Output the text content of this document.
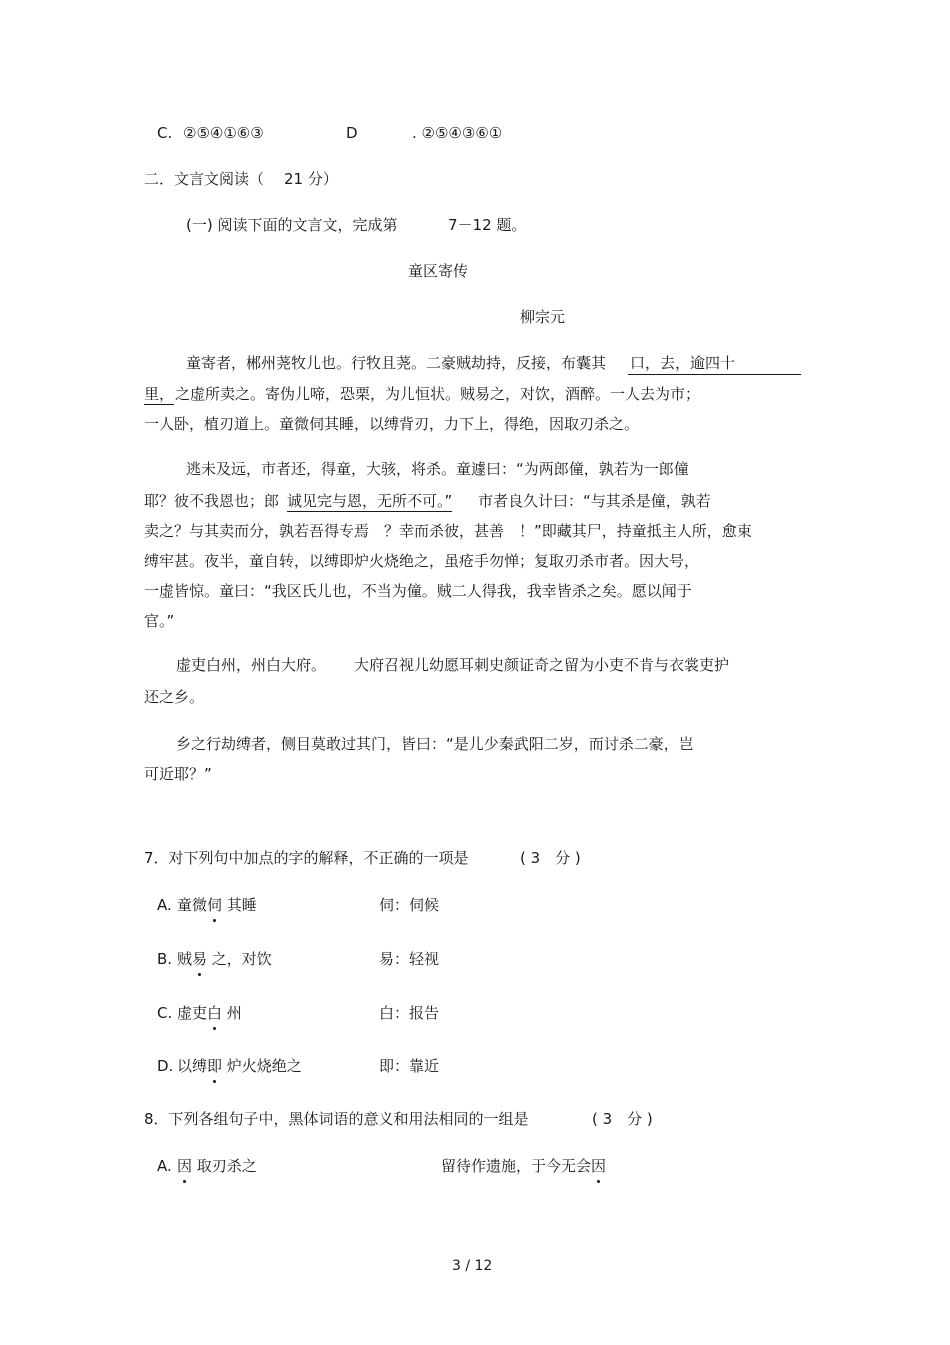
C. ②⑤④①⑥③	D	. ②⑤④③⑥①
二．文言文阅读（ 21 分）
(一) 阅读下面的文言文，完成第	7－12 题。
童区寄传
柳宗元
童寄者，郴州荛牧儿也。行牧且荛。二豪贼劫持，反接，布囊其 口，去，逾四十
里， 之虚所卖之。寄伪儿啼，恐栗，为儿恒状。贼易之，对饮，酒醉。一人去为市；
一人卧，植刃道上。童微伺其睡，以缚背刃，力下上，得绝，因取刃杀之。
逃未及远，市者还，得童，大骇，将杀。童遽曰：“为两郎僮，孰若为一郎僮
耶？彼不我恩也；郎 诚见完与恩，无所不可。” 市者良久计曰：“与其杀是僮，孰若
卖之？与其卖而分，孰若吾得专焉　？幸而杀彼，甚善　！”即藏其尸，持童抵主人所，愈束
缚牢甚。夜半，童自转，以缚即炉火烧绝之，虽疮手勿惮；复取刃杀市者。因大号，
一虚皆惊。童曰：“我区氏儿也，不当为僮。贼二人得我，我幸皆杀之矣。愿以闻于
官。”
虚吏白州，州白大府。 大府召视儿幼愿耳刺史颜证奇之留为小吏不肯与衣裳吏护
还之乡。
乡之行劫缚者，侧目莫敢过其门，皆曰：“是儿少秦武阳二岁，而讨杀二豪，岂
可近耶？”
7．对下列句中加点的字的解释，不正确的一项是	( 3　分 )
A. 童微伺 其睡	伺：伺候
B. 贼易 之，对饮	易：轻视
C. 虚吏白 州	白：报告
D. 以缚即 炉火烧绝之	即：靠近
8．下列各组句子中，黑体词语的意义和用法相同的一组是	( 3　分 )
A. 因 取刃杀之	留待作遗施，于今无会因
3 / 12
